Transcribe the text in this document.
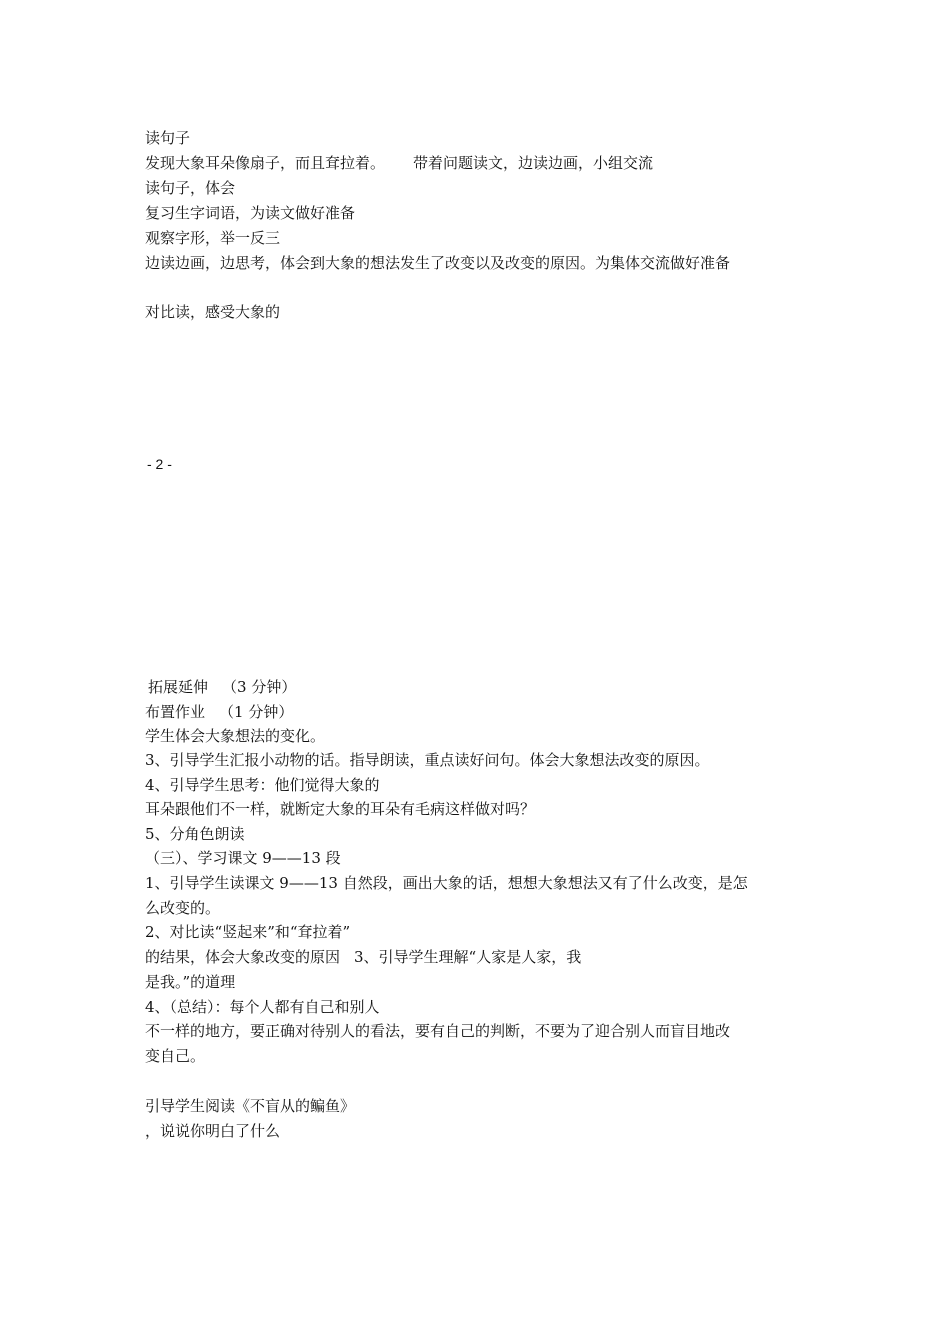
读句子

发现大象耳朵像扇子，而且耷拉着。 带着问题读文，边读边画，小组交流

读句子，体会

复习生字词语，为读文做好准备

观察字形，举一反三

边读边画，边思考，体会到大象的想法发生了改变以及改变的原因。为集体交流做好准备

对比读，感受大象的

- 2 -

拓展延伸 （3 分钟）

布置作业 （1 分钟）

学生体会大象想法的变化。

3、引导学生汇报小动物的话。指导朗读，重点读好问句。体会大象想法改变的原因。

4、引导学生思考：他们觉得大象的

耳朵跟他们不一样，就断定大象的耳朵有毛病这样做对吗？

5、分角色朗读

（三）、学习课文 9——13 段

1、引导学生读课文 9——13 自然段，画出大象的话，想想大象想法又有了什么改变，是怎

么改变的。

2、对比读“竖起来”和“耷拉着”

的结果，体会大象改变的原因 3、引导学生理解“人家是人家，我

是我。”的道理

4、（总结）：每个人都有自己和别人

不一样的地方，要正确对待别人的看法，要有自己的判断，不要为了迎合别人而盲目地改

变自己。

引导学生阅读《不盲从的鳊鱼》

，说说你明白了什么
